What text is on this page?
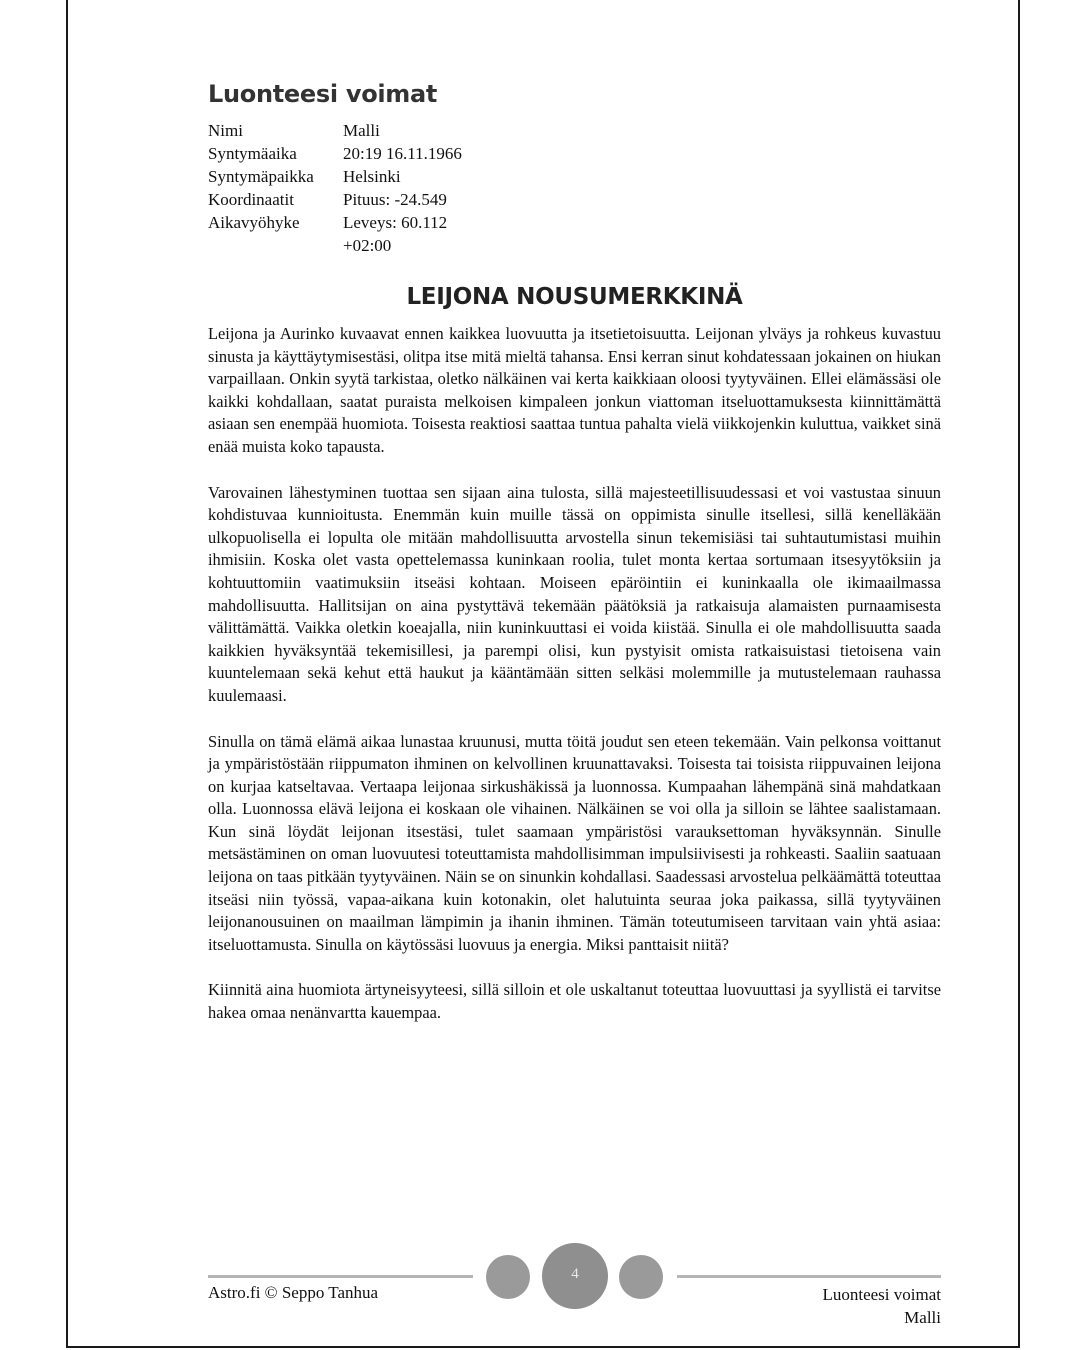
Luonteesi voimat
Nimi	Malli
Syntymäaika	20:19 16.11.1966
Syntymäpaikka	Helsinki
Koordinaatit	Pituus: -24.549
Aikavyöhyke	Leveys: 60.112
+02:00
LEIJONA NOUSUMERKKINÄ

Leijona ja Aurinko kuvaavat ennen kaikkea luovuutta ja itsetietoisuutta. Leijonan ylväys ja rohkeus kuvastuu sinusta ja käyttäytymisestäsi, olitpa itse mitä mieltä tahansa. Ensi kerran sinut kohdatessaan jokainen on hiukan varpaillaan. Onkin syytä tarkistaa, oletko nälkäinen vai kerta kaikkiaan oloosi tyytyväinen. Ellei elämässäsi ole kaikki kohdallaan, saatat puraista melkoisen kimpaleen jonkun viattoman itseluottamuksesta kiinnittämättä asiaan sen enempää huomiota. Toisesta reaktiosi saattaa tuntua pahalta vielä viikkojenkin kuluttua, vaikket sinä enää muista koko tapausta.

Varovainen lähestyminen tuottaa sen sijaan aina tulosta, sillä majesteetillisuudessasi et voi vastustaa sinuun kohdistuvaa kunnioitusta. Enemmän kuin muille tässä on oppimista sinulle itsellesi, sillä kenelläkään ulkopuolisella ei lopulta ole mitään mahdollisuutta arvostella sinun tekemisiäsi tai suhtautumistasi muihin ihmisiin. Koska olet vasta opettelemassa kuninkaan roolia, tulet monta kertaa sortumaan itsesyytöksiin ja kohtuuttomiin vaatimuksiin itseäsi kohtaan. Moiseen epäröintiin ei kuninkaalla ole ikimaailmassa mahdollisuutta. Hallitsijan on aina pystyttävä tekemään päätöksiä ja ratkaisuja alamaisten purnaamisesta välittämättä. Vaikka oletkin koeajalla, niin kuninkuuttasi ei voida kiistää. Sinulla ei ole mahdollisuutta saada kaikkien hyväksyntää tekemisillesi, ja parempi olisi, kun pystyisit omista ratkaisuistasi tietoisena vain kuuntelemaan sekä kehut että haukut ja kääntämään sitten selkäsi molemmille ja mutustelemaan rauhassa kuulemaasi.

Sinulla on tämä elämä aikaa lunastaa kruunusi, mutta töitä joudut sen eteen tekemään. Vain pelkonsa voittanut ja ympäristöstään riippumaton ihminen on kelvollinen kruunattavaksi. Toisesta tai toisista riippuvainen leijona on kurjaa katseltavaa. Vertaapa leijonaa sirkushäkissä ja luonnossa. Kumpaahan lähempänä sinä mahdatkaan olla. Luonnossa elävä leijona ei koskaan ole vihainen. Nälkäinen se voi olla ja silloin se lähtee saalistamaan. Kun sinä löydät leijonan itsestäsi, tulet saamaan ympäristösi varauksettoman hyväksynnän. Sinulle metsästäminen on oman luovuutesi toteuttamista mahdollisimman impulsiivisesti ja rohkeasti. Saaliin saatuaan leijona on taas pitkään tyytyväinen. Näin se on sinunkin kohdallasi. Saadessasi arvostelua pelkäämättä toteuttaa itseäsi niin työssä, vapaa-aikana kuin kotonakin, olet halutuinta seuraa joka paikassa, sillä tyytyväinen leijonanousuinen on maailman lämpimin ja ihanin ihminen. Tämän toteutumiseen tarvitaan vain yhtä asiaa: itseluottamusta. Sinulla on käytössäsi luovuus ja energia. Miksi panttaisit niitä?

Kiinnitä aina huomiota ärtyneisyyteesi, sillä silloin et ole uskaltanut toteuttaa luovuuttasi ja syyllistä ei tarvitse hakea omaa nenänvartta kauempaa.

4
Astro.fi © Seppo Tanhua	Luonteesi voimat
Malli
